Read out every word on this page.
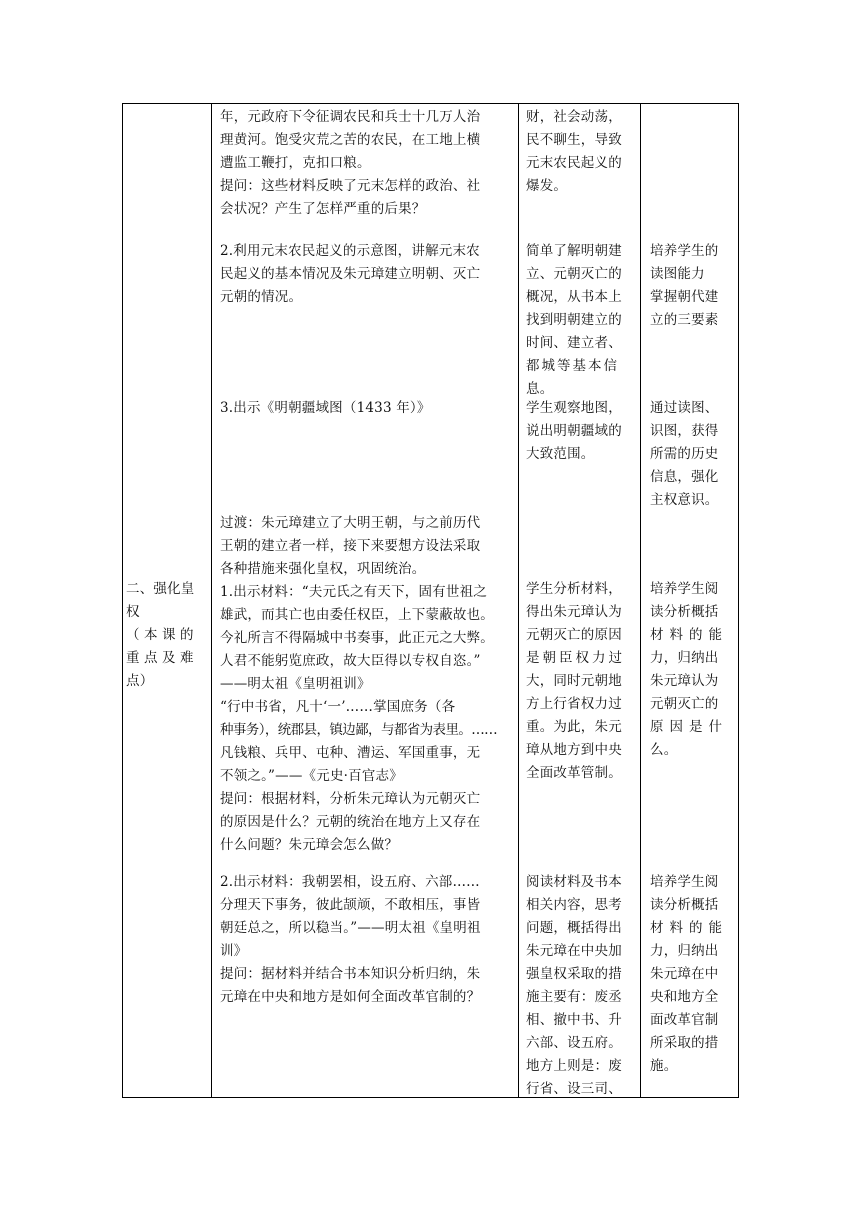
二、强化皇

权

（本课的

重点及难

点）

年，元政府下令征调农民和兵士十几万人治

理黄河。饱受灾荒之苦的农民，在工地上横

遭监工鞭打，克扣口粮。

提问：这些材料反映了元末怎样的政治、社

会状况？产生了怎样严重的后果？

2.利用元末农民起义的示意图，讲解元末农

民起义的基本情况及朱元璋建立明朝、灭亡

元朝的情况。

3.出示《明朝疆域图（1433 年）》

过渡：朱元璋建立了大明王朝，与之前历代

王朝的建立者一样，接下来要想方设法采取

各种措施来强化皇权，巩固统治。

1.出示材料：“夫元氏之有天下，固有世祖之

雄武，而其亡也由委任权臣，上下蒙蔽故也。

今礼所言不得隔城中书奏事，此正元之大弊。

人君不能躬览庶政，故大臣得以专权自恣。”

——明太祖《皇明祖训》

“行中书省，凡十‘一’……掌国庶务（各

种事务），统郡县，镇边鄙，与都省为表里。……

凡钱粮、兵甲、屯种、漕运、军国重事，无

不领之。”——《元史·百官志》

提问：根据材料，分析朱元璋认为元朝灭亡

的原因是什么？元朝的统治在地方上又存在

什么问题？朱元璋会怎么做？

2.出示材料：我朝罢相，设五府、六部……

分理天下事务，彼此颉颃，不敢相压，事皆

朝廷总之，所以稳当。”——明太祖《皇明祖

训》

提问：据材料并结合书本知识分析归纳，朱

元璋在中央和地方是如何全面改革官制的？

财，社会动荡，

民不聊生，导致

元末农民起义的

爆发。

简单了解明朝建

立、元朝灭亡的

概况，从书本上

找到明朝建立的

时间、建立者、

都城等基本信

息。

学生观察地图，

说出明朝疆域的

大致范围。

学生分析材料，

得出朱元璋认为

元朝灭亡的原因

是朝臣权力过

大，同时元朝地

方上行省权力过

重。为此，朱元

璋从地方到中央

全面改革管制。

阅读材料及书本

相关内容，思考

问题，概括得出

朱元璋在中央加

强皇权采取的措

施主要有：废丞

相、撤中书、升

六部、设五府。

地方上则是：废

行省、设三司、

培养学生的

读图能力

掌握朝代建

立的三要素

通过读图、

识图，获得

所需的历史

信息，强化

主权意识。

培养学生阅

读分析概括

材料的能

力，归纳出

朱元璋认为

元朝灭亡的

原因是什

么。

培养学生阅

读分析概括

材料的能

力，归纳出

朱元璋在中

央和地方全

面改革官制

所采取的措

施。
